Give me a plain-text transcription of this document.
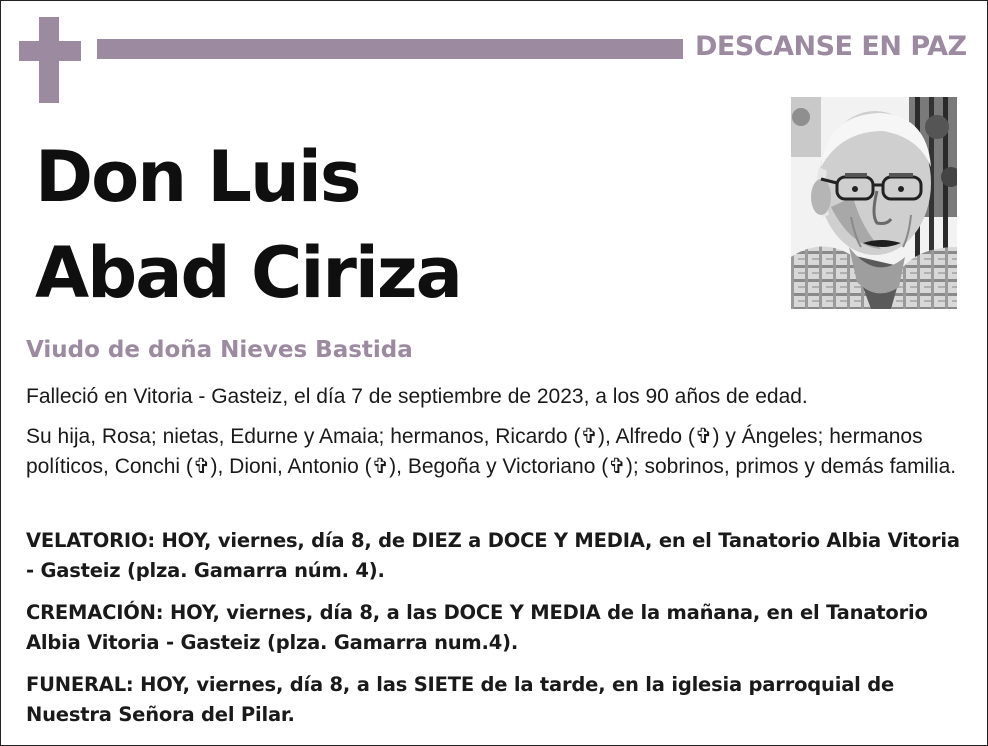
DESCANSE EN PAZ
Don Luis
Abad Ciriza
Viudo de doña Nieves Bastida
Falleció en Vitoria - Gasteiz, el día 7 de septiembre de 2023, a los 90 años de edad.
Su hija, Rosa; nietas, Edurne y Amaia; hermanos, Ricardo (✞), Alfredo (✞) y Ángeles; hermanos políticos, Conchi (✞), Dioni, Antonio (✞), Begoña y Victoriano (✞); sobrinos, primos y demás familia.
VELATORIO: HOY, viernes, día 8, de DIEZ a DOCE Y MEDIA, en el Tanatorio Albia Vitoria - Gasteiz (plza. Gamarra núm. 4).
CREMACIÓN: HOY, viernes, día 8, a las DOCE Y MEDIA de la mañana, en el Tanatorio Albia Vitoria - Gasteiz (plza. Gamarra num.4).
FUNERAL: HOY, viernes, día 8, a las SIETE de la tarde, en la iglesia parroquial de Nuestra Señora del Pilar.
